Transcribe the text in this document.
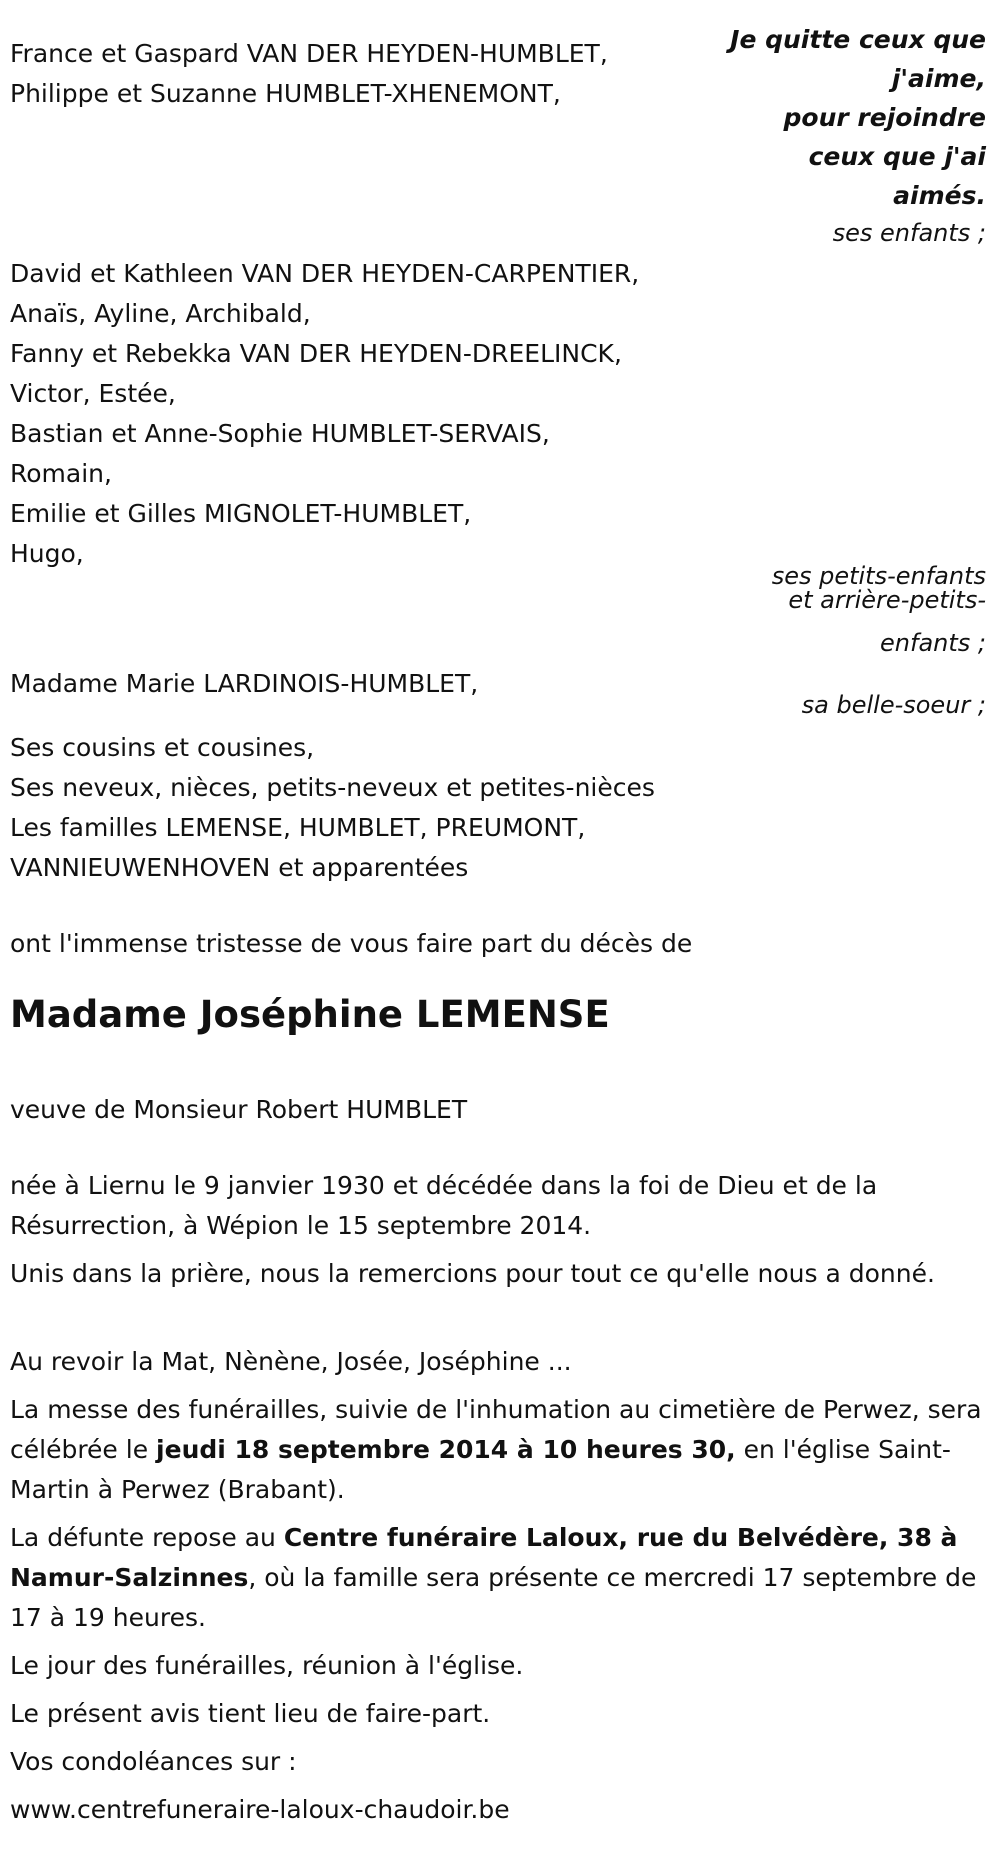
France et Gaspard VAN DER HEYDEN-HUMBLET,

Philippe et Suzanne HUMBLET-XHENEMONT,

Je quitte ceux que
j'aime,
pour rejoindre
ceux que j'ai
aimés.

ses enfants ;

David et Kathleen VAN DER HEYDEN-CARPENTIER,

Anaïs, Ayline, Archibald,

Fanny et Rebekka VAN DER HEYDEN-DREELINCK,

Victor, Estée,

Bastian et Anne-Sophie HUMBLET-SERVAIS,

Romain,

Emilie et Gilles MIGNOLET-HUMBLET,

Hugo,

ses petits-enfants

et arrière-petits-

enfants ;

Madame Marie LARDINOIS-HUMBLET,

sa belle-soeur ;

Ses cousins et cousines,

Ses neveux, nièces, petits-neveux et petites-nièces

Les familles LEMENSE, HUMBLET, PREUMONT,

VANNIEUWENHOVEN et apparentées

ont l'immense tristesse de vous faire part du décès de

Madame Joséphine LEMENSE

veuve de Monsieur Robert HUMBLET

née à Liernu le 9 janvier 1930 et décédée dans la foi de Dieu et de la Résurrection, à Wépion le 15 septembre 2014.

Unis dans la prière, nous la remercions pour tout ce qu'elle nous a donné.

Au revoir la Mat, Nènène, Josée, Joséphine ...

La messe des funérailles, suivie de l'inhumation au cimetière de Perwez, sera célébrée le jeudi 18 septembre 2014 à 10 heures 30, en l'église Saint-Martin à Perwez (Brabant).

La défunte repose au Centre funéraire Laloux, rue du Belvédère, 38 à Namur-Salzinnes, où la famille sera présente ce mercredi 17 septembre de 17 à 19 heures.

Le jour des funérailles, réunion à l'église.

Le présent avis tient lieu de faire-part.

Vos condoléances sur :

www.centrefuneraire-laloux-chaudoir.be
